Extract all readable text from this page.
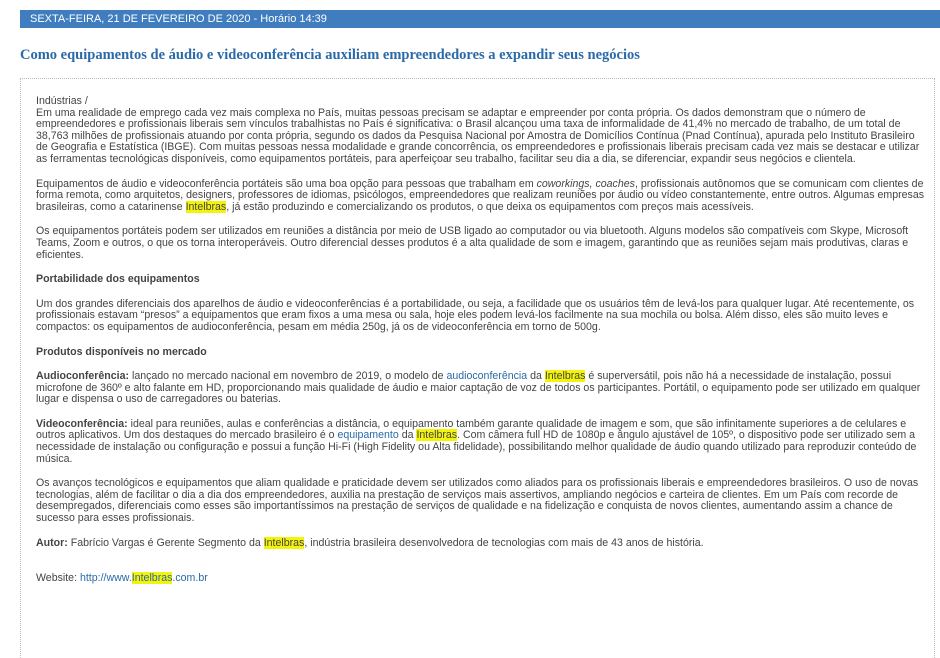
SEXTA-FEIRA, 21 DE FEVEREIRO DE 2020 - Horário 14:39
Como equipamentos de áudio e videoconferência auxiliam empreendedores a expandir seus negócios

Indústrias /

Em uma realidade de emprego cada vez mais complexa no País, muitas pessoas precisam se adaptar e empreender por conta própria. Os dados demonstram que o número de empreendedores e profissionais liberais sem vínculos trabalhistas no País é significativa: o Brasil alcançou uma taxa de informalidade de 41,4% no mercado de trabalho, de um total de 38,763 milhões de profissionais atuando por conta própria, segundo os dados da Pesquisa Nacional por Amostra de Domicílios Contínua (Pnad Contínua), apurada pelo Instituto Brasileiro de Geografia e Estatística (IBGE). Com muitas pessoas nessa modalidade e grande concorrência, os empreendedores e profissionais liberais precisam cada vez mais se destacar e utilizar as ferramentas tecnológicas disponíveis, como equipamentos portáteis, para aperfeiçoar seu trabalho, facilitar seu dia a dia, se diferenciar, expandir seus negócios e clientela.

Equipamentos de áudio e videoconferência portáteis são uma boa opção para pessoas que trabalham em coworkings, coaches, profissionais autônomos que se comunicam com clientes de forma remota, como arquitetos, designers, professores de idiomas, psicólogos, empreendedores que realizam reuniões por áudio ou vídeo constantemente, entre outros. Algumas empresas brasileiras, como a catarinense Intelbras, já estão produzindo e comercializando os produtos, o que deixa os equipamentos com preços mais acessíveis.

Os equipamentos portáteis podem ser utilizados em reuniões a distância por meio de USB ligado ao computador ou via bluetooth. Alguns modelos são compatíveis com Skype, Microsoft Teams, Zoom e outros, o que os torna interoperáveis. Outro diferencial desses produtos é a alta qualidade de som e imagem, garantindo que as reuniões sejam mais produtivas, claras e eficientes.

Portabilidade dos equipamentos

Um dos grandes diferenciais dos aparelhos de áudio e videoconferências é a portabilidade, ou seja, a facilidade que os usuários têm de levá-los para qualquer lugar. Até recentemente, os profissionais estavam “presos” a equipamentos que eram fixos a uma mesa ou sala, hoje eles podem levá-los facilmente na sua mochila ou bolsa. Além disso, eles são muito leves e compactos: os equipamentos de audioconferência, pesam em média 250g, já os de videoconferência em torno de 500g.

Produtos disponíveis no mercado

Audioconferência: lançado no mercado nacional em novembro de 2019, o modelo de audioconferência da Intelbras é superversátil, pois não há a necessidade de instalação, possui microfone de 360º e alto falante em HD, proporcionando mais qualidade de áudio e maior captação de voz de todos os participantes. Portátil, o equipamento pode ser utilizado em qualquer lugar e dispensa o uso de carregadores ou baterias.

Videoconferência: ideal para reuniões, aulas e conferências a distância, o equipamento também garante qualidade de imagem e som, que são infinitamente superiores a de celulares e outros aplicativos. Um dos destaques do mercado brasileiro é o equipamento da Intelbras. Com câmera full HD de 1080p e ângulo ajustável de 105º, o dispositivo pode ser utilizado sem a necessidade de instalação ou configuração e possui a função Hi-Fi (High Fidelity ou Alta fidelidade), possibilitando melhor qualidade de áudio quando utilizado para reproduzir conteúdo de música.

Os avanços tecnológicos e equipamentos que aliam qualidade e praticidade devem ser utilizados como aliados para os profissionais liberais e empreendedores brasileiros. O uso de novas tecnologias, além de facilitar o dia a dia dos empreendedores, auxilia na prestação de serviços mais assertivos, ampliando negócios e carteira de clientes. Em um País com recorde de desempregados, diferenciais como esses são importantíssimos na prestação de serviços de qualidade e na fidelização e conquista de novos clientes, aumentando assim a chance de sucesso para esses profissionais.

Autor: Fabrício Vargas é Gerente Segmento da Intelbras, indústria brasileira desenvolvedora de tecnologias com mais de 43 anos de história.

Website: http://www.Intelbras.com.br
